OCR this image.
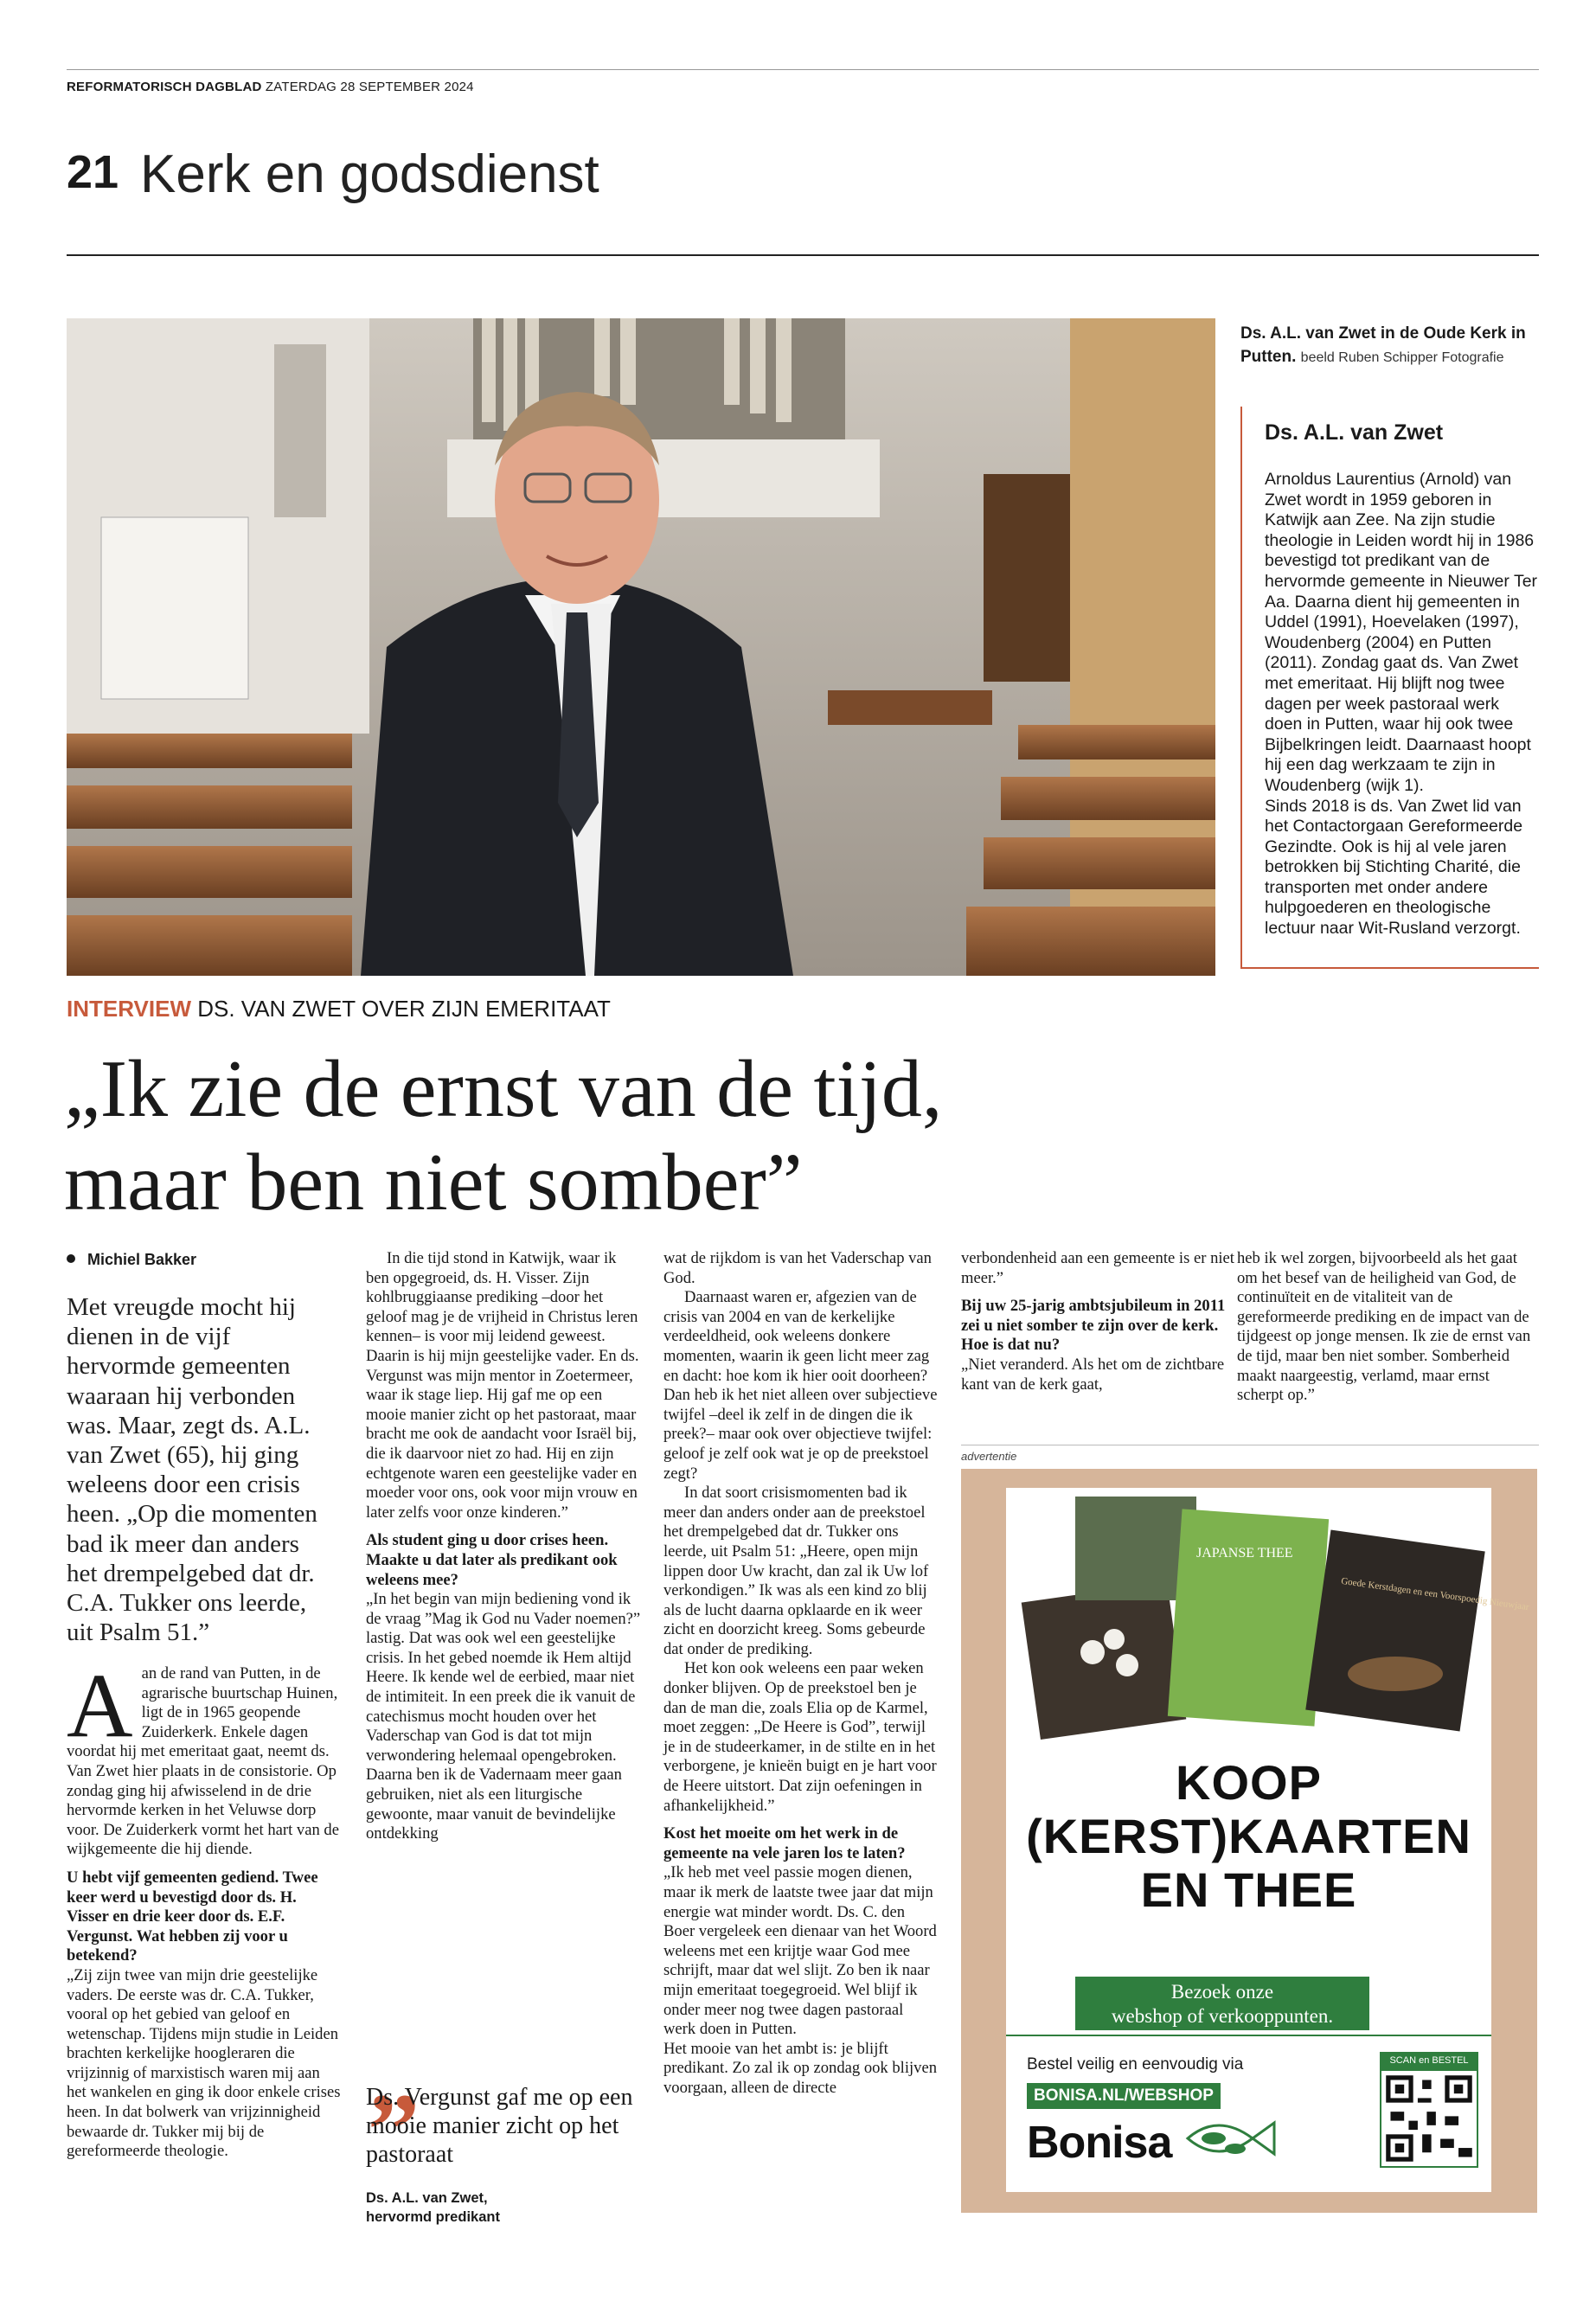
REFORMATORISCH DAGBLAD ZATERDAG 28 SEPTEMBER 2024
21 Kerk en godsdienst
Ds. A.L. van Zwet in de Oude Kerk in Putten. beeld Ruben Schipper Fotografie
Ds. A.L. van Zwet
Arnoldus Laurentius (Arnold) van Zwet wordt in 1959 geboren in Katwijk aan Zee. Na zijn studie theologie in Leiden wordt hij in 1986 bevestigd tot predikant van de hervormde gemeente in Nieuwer Ter Aa. Daarna dient hij gemeenten in Uddel (1991), Hoevelaken (1997), Woudenberg (2004) en Putten (2011). Zondag gaat ds. Van Zwet met emeritaat. Hij blijft nog twee dagen per week pastoraal werk doen in Putten, waar hij ook twee Bijbelkringen leidt. Daarnaast hoopt hij een dag werkzaam te zijn in Woudenberg (wijk 1).
Sinds 2018 is ds. Van Zwet lid van het Contactorgaan Gereformeerde Gezindte. Ook is hij al vele jaren betrokken bij Stichting Charité, die transporten met onder andere hulpgoederen en theologische lectuur naar Wit-Rusland verzorgt.
INTERVIEW DS. VAN ZWET OVER ZIJN EMERITAAT
„Ik zie de ernst van de tijd,
maar ben niet somber”
Michiel Bakker
Met vreugde mocht hij dienen in de vijf hervormde gemeenten waaraan hij verbonden was. Maar, zegt ds. A.L. van Zwet (65), hij ging weleens door een crisis heen. „Op die momenten bad ik meer dan anders het drempelgebed dat dr. C.A. Tukker ons leerde, uit Psalm 51.”
A an de rand van Putten, in de agrarische buurtschap Huinen, ligt de in 1965 geopende Zuiderkerk. Enkele dagen voordat hij met emeritaat gaat, neemt ds. Van Zwet hier plaats in de consistorie. Op zondag ging hij afwisselend in de drie hervormde kerken in het Veluwse dorp voor. De Zuiderkerk vormt het hart van de wijkgemeente die hij diende.

U hebt vijf gemeenten gediend. Twee keer werd u bevestigd door ds. H. Visser en drie keer door ds. E.F. Vergunst. Wat hebben zij voor u betekend?

„Zij zijn twee van mijn drie geestelijke vaders. De eerste was dr. C.A. Tukker, vooral op het gebied van geloof en wetenschap. Tijdens mijn studie in Leiden brachten kerkelijke hoogleraren die vrijzinnig of marxistisch waren mij aan het wankelen en ging ik door enkele crises heen. In dat bolwerk van vrijzinnigheid bewaarde dr. Tukker mij bij de gereformeerde theologie.

In die tijd stond in Katwijk, waar ik ben opgegroeid, ds. H. Visser. Zijn kohlbruggiaanse prediking –door het geloof mag je de vrijheid in Christus leren kennen– is voor mij leidend geweest. Daarin is hij mijn geestelijke vader. En ds. Vergunst was mijn mentor in Zoetermeer, waar ik stage liep. Hij gaf me op een mooie manier zicht op het pastoraat, maar bracht me ook de aandacht voor Israël bij, die ik daarvoor niet zo had. Hij en zijn echtgenote waren een geestelijke vader en moeder voor ons, ook voor mijn vrouw en later zelfs voor onze kinderen.”

Als student ging u door crises heen. Maakte u dat later als predikant ook weleens mee?

„In het begin van mijn bediening vond ik de vraag ”Mag ik God nu Vader noemen?” lastig. Dat was ook wel een geestelijke crisis. In het gebed noemde ik Hem altijd Heere. Ik kende wel de eerbied, maar niet de intimiteit. In een preek die ik vanuit de catechismus mocht houden over het Vaderschap van God is dat tot mijn verwondering helemaal opengebroken. Daarna ben ik de Vadernaam meer gaan gebruiken, niet als een liturgische gewoonte, maar vanuit de bevindelijke ontdekking

„
Ds. Vergunst gaf me op een mooie manier zicht op het pastoraat
Ds. A.L. van Zwet,
hervormd predikant

wat de rijkdom is van het Vaderschap van God.

Daarnaast waren er, afgezien van de crisis van 2004 en van de kerkelijke verdeeldheid, ook weleens donkere momenten, waarin ik geen licht meer zag en dacht: hoe kom ik hier ooit doorheen? Dan heb ik het niet alleen over subjectieve twijfel –deel ik zelf in de dingen die ik preek?– maar ook over objectieve twijfel: geloof je zelf ook wat je op de preekstoel zegt?

In dat soort crisismomenten bad ik meer dan anders onder aan de preekstoel het drempelgebed dat dr. Tukker ons leerde, uit Psalm 51: „Heere, open mijn lippen door Uw kracht, dan zal ik Uw lof verkondigen.” Ik was als een kind zo blij als de lucht daarna opklaarde en ik weer zicht en doorzicht kreeg. Soms gebeurde dat onder de prediking.

Het kon ook weleens een paar weken donker blijven. Op de preekstoel ben je dan de man die, zoals Elia op de Karmel, moet zeggen: „De Heere is God”, terwijl je in de studeerkamer, in de stilte en in het verborgene, je knieën buigt en je hart voor de Heere uitstort. Dat zijn oefeningen in afhankelijkheid.”

Kost het moeite om het werk in de gemeente na vele jaren los te laten?

„Ik heb met veel passie mogen dienen, maar ik merk de laatste twee jaar dat mijn energie wat minder wordt. Ds. C. den Boer vergeleek een dienaar van het Woord weleens met een krijtje waar God mee schrijft, maar dat wel slijt. Zo ben ik naar mijn emeritaat toegegroeid. Wel blijf ik onder meer nog twee dagen pastoraal werk doen in Putten.

Het mooie van het ambt is: je blijft predikant. Zo zal ik op zondag ook blijven voorgaan, alleen de directe

verbondenheid aan een gemeente is er niet meer.”

Bij uw 25-jarig ambtsjubileum in 2011 zei u niet somber te zijn over de kerk. Hoe is dat nu?

„Niet veranderd. Als het om de zichtbare kant van de kerk gaat,

heb ik wel zorgen, bijvoorbeeld als het gaat om het besef van de heiligheid van God, de continuïteit en de vitaliteit van de gereformeerde prediking en de impact van de tijdgeest op jonge mensen. Ik zie de ernst van de tijd, maar ben niet somber. Somberheid maakt naargeestig, verlamd, maar ernst scherpt op.”

advertentie
JAPANSE THEE
Goede Kerstdagen en een Voorspoedig Nieuwjaar
KOOP
(KERST)KAARTEN
EN THEE
Bezoek onze
webshop of verkooppunten.
Bestel veilig en eenvoudig via
BONISA.NL/WEBSHOP
Bonisa
SCAN en BESTEL
